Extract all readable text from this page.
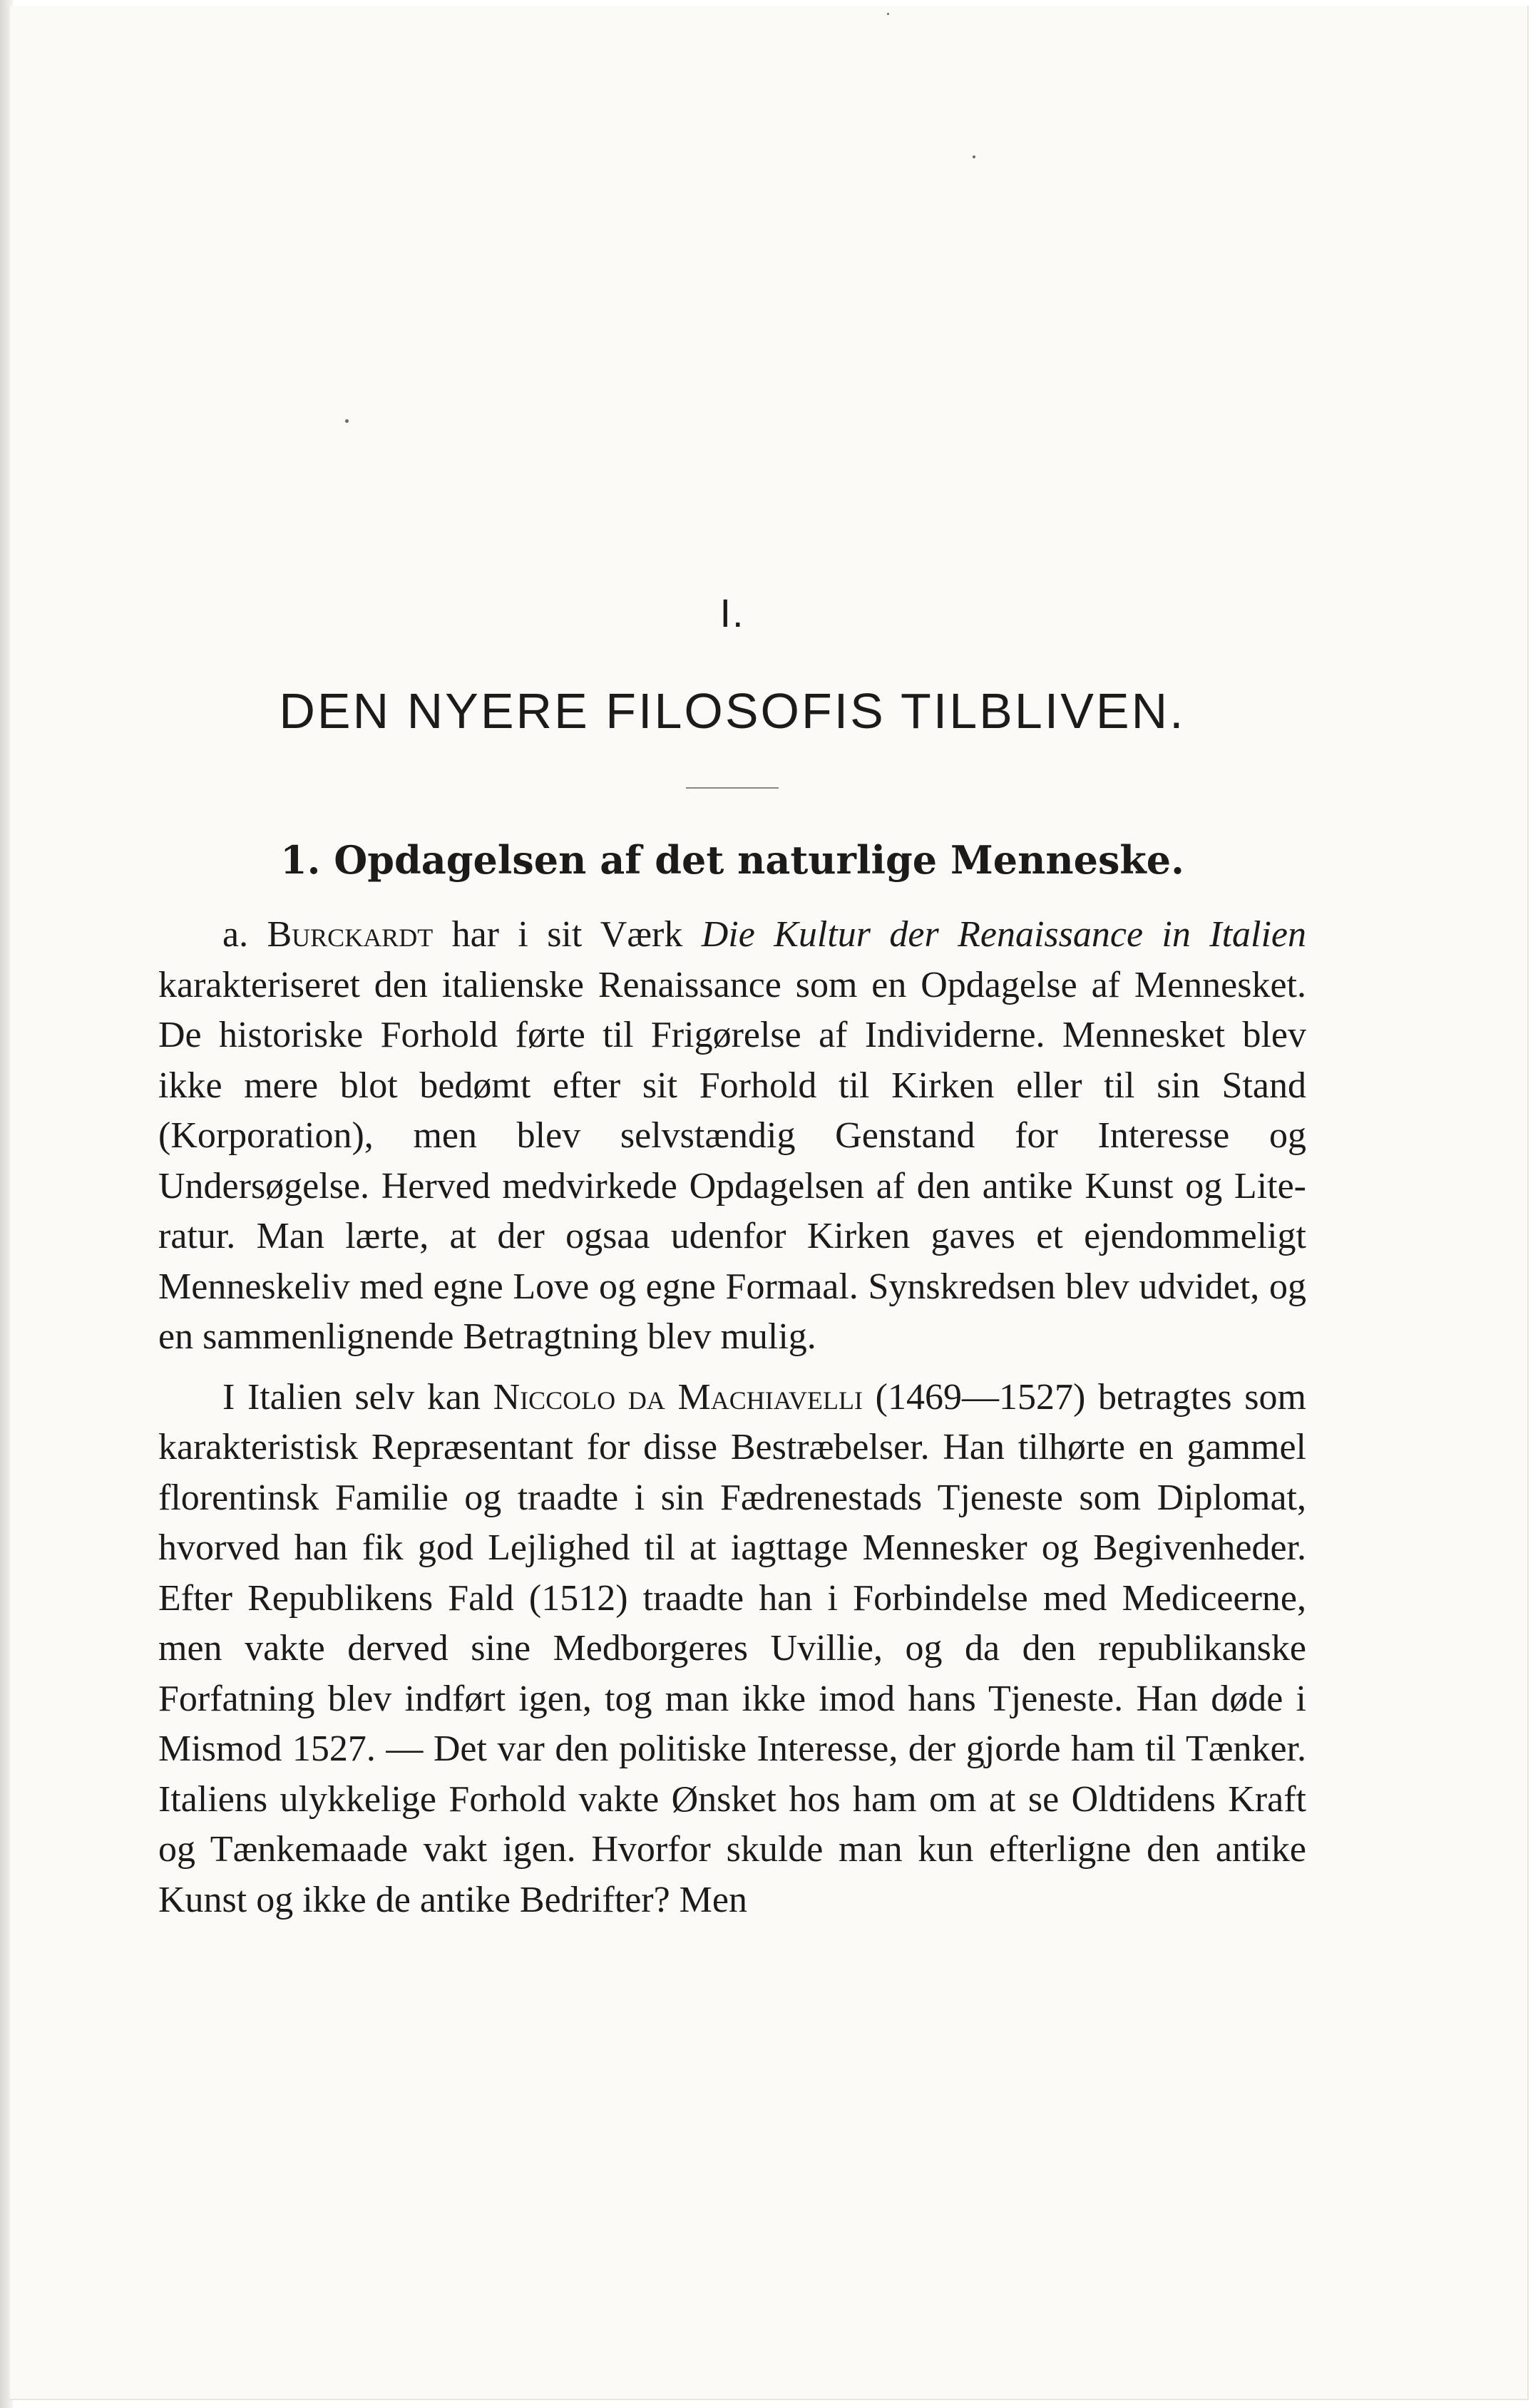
I.
DEN NYERE FILOSOFIS TILBLIVEN.
1. Opdagelsen af det naturlige Menneske.

a. Burckardt har i sit Værk Die Kultur der Renaissance in Italien karakteriseret den italienske Renaissance som en Opdagelse af Mennesket. De historiske Forhold førte til Frigørelse af Individerne. Mennesket blev ikke mere blot bedømt efter sit Forhold til Kirken eller til sin Stand (Korporation), men blev selvstændig Genstand for Interesse og Undersøgelse. Herved medvirkede Opdagelsen af den antike Kunst og Literatur. Man lærte, at der ogsaa udenfor Kirken gaves et ejendommeligt Menneskeliv med egne Love og egne Formaal. Synskredsen blev udvidet, og en sammenlignende Betragtning blev mulig.

I Italien selv kan Niccolo da Machiavelli (1469—1527) betragtes som karakteristisk Repræsentant for disse Bestræbelser. Han tilhørte en gammel florentinsk Familie og traadte i sin Fædrenestads Tjeneste som Diplomat, hvorved han fik god Lejlighed til at iagttage Mennesker og Begivenheder. Efter Republikens Fald (1512) traadte han i Forbindelse med Mediceerne, men vakte derved sine Medborgeres Uvillie, og da den republikanske Forfatning blev indført igen, tog man ikke imod hans Tjeneste. Han døde i Mismod 1527. — Det var den politiske Interesse, der gjorde ham til Tænker. Italiens ulykkelige Forhold vakte Ønsket hos ham om at se Oldtidens Kraft og Tænkemaade vakt igen. Hvorfor skulde man kun efterligne den antike Kunst og ikke de antike Bedrifter? Men
